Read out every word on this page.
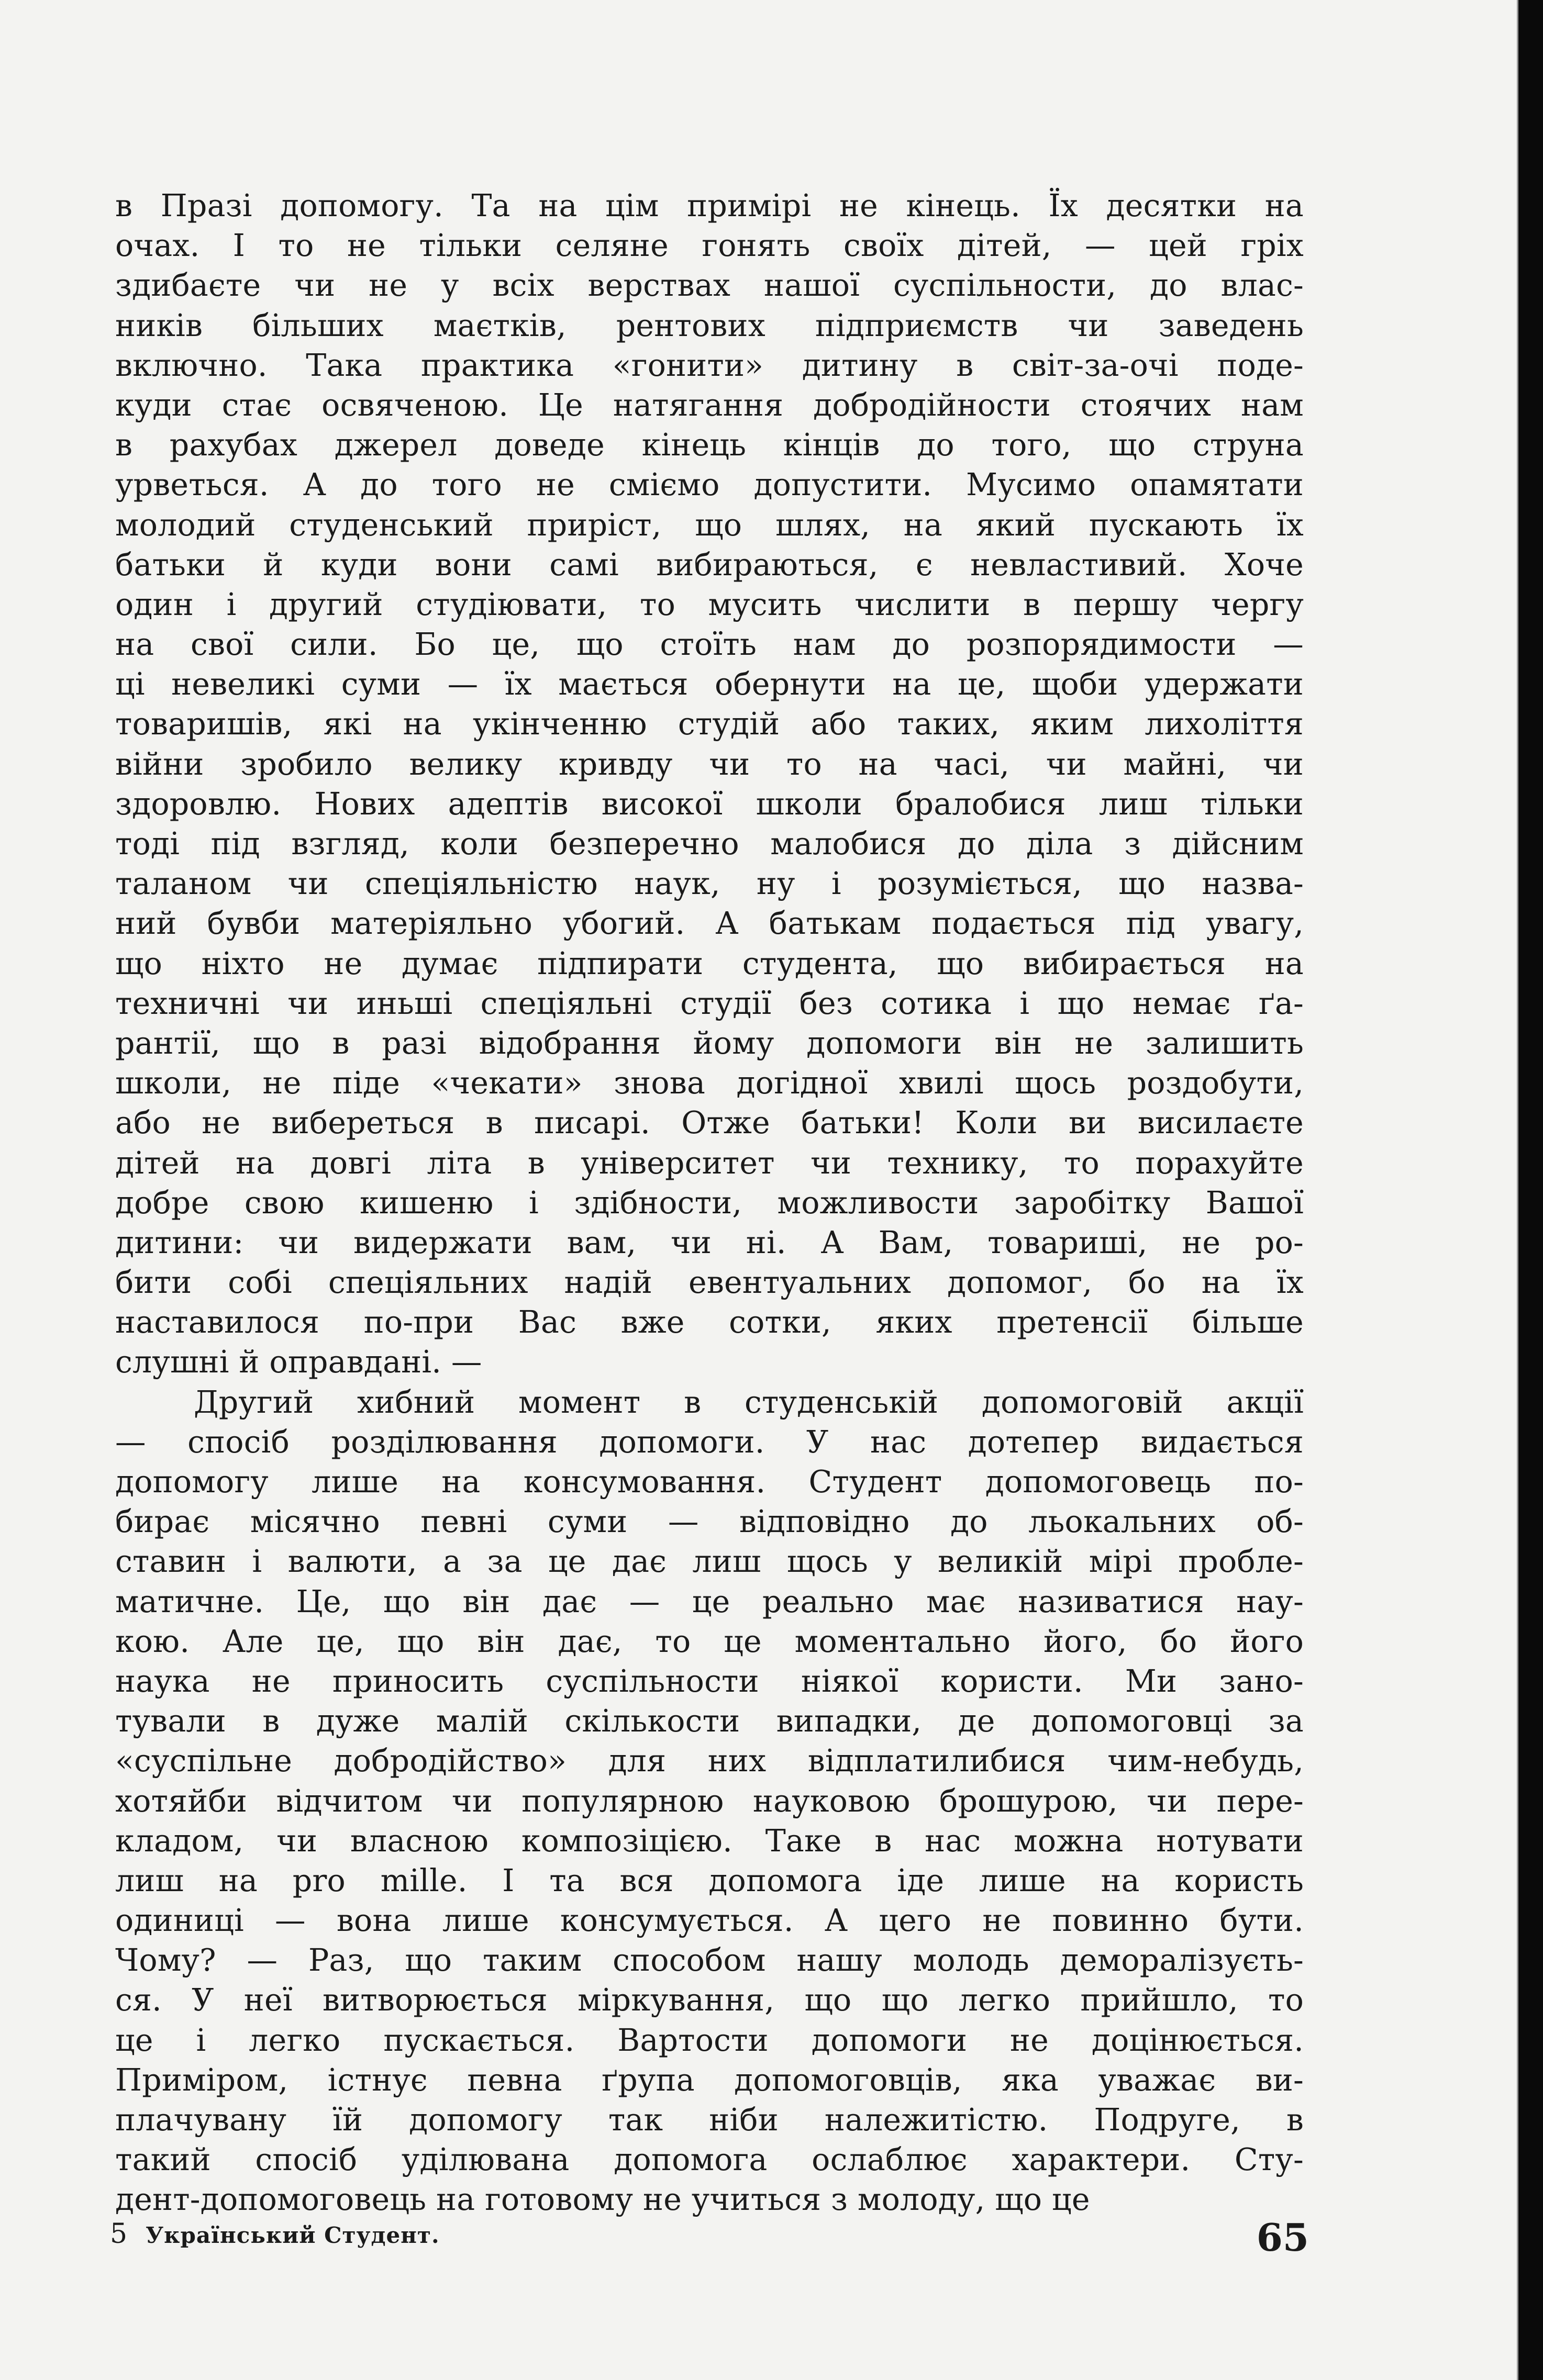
в Празі допомогу. Та на цім примірі не кінець. Їх десятки на
очах. І то не тільки селяне гонять своїх дітей, — цей гріх
здибаєте чи не у всіх верствах нашої суспільности, до влас-
ників більших маєтків, рентових підприємств чи заведень
включно. Така практика «гонити» дитину в світ-за-очі поде-
куди стає освяченою. Це натягання добродійности стоячих нам
в рахубах джерел доведе кінець кінців до того, що струна
урветься. А до того не сміємо допустити. Мусимо опамятати
молодий студенський приріст, що шлях, на який пускають їх
батьки й куди вони самі вибираються, є невластивий. Хоче
один і другий студіювати, то мусить числити в першу чергу
на свої сили. Бо це, що стоїть нам до розпорядимости —
ці невеликі суми — їх мається обернути на це, щоби удержати
товаришів, які на укінченню студій або таких, яким лихоліття
війни зробило велику кривду чи то на часі, чи майні, чи
здоровлю. Нових адептів високої школи бралобися лиш тільки
тоді під взгляд, коли безперечно малобися до діла з дійсним
таланом чи спеціяльністю наук, ну і розуміється, що назва-
ний бувби матеріяльно убогий. А батькам подається під увагу,
що ніхто не думає підпирати студента, що вибирається на
техничні чи иньші спеціяльні студії без сотика і що немає ґа-
рантії, що в разі відобрання йому допомоги він не залишить
школи, не піде «чекати» знова догідної хвилі щось роздобути,
або не вибереться в писарі. Отже батьки! Коли ви висилаєте
дітей на довгі літа в університет чи технику, то порахуйте
добре свою кишеню і здібности, можливости заробітку Вашої
дитини: чи видержати вам, чи ні. А Вам, товариші, не ро-
бити собі спеціяльних надій евентуальних допомог, бо на їх
наставилося по-при Вас вже сотки, яких претенсії більше
слушні й оправдані. —
Другий хибний момент в студенській допомоговій акції
— спосіб розділювання допомоги. У нас дотепер видається
допомогу лише на консумовання. Студент допомоговець по-
бирає місячно певні суми — відповідно до льокальних об-
ставин і валюти, а за це дає лиш щось у великій мірі пробле-
матичне. Це, що він дає — це реально має називатися нау-
кою. Але це, що він дає, то це моментально його, бо його
наука не приносить суспільности ніякої користи. Ми зано-
тували в дуже малій скількости випадки, де допомоговці за
«суспільне добродійство» для них відплатилибися чим-небудь,
хотяйби відчитом чи популярною науковою брошурою, чи пере-
кладом, чи власною композіцією. Таке в нас можна нотувати
лиш на pro mille. І та вся допомога іде лише на користь
одиниці — вона лише консумується. А цего не повинно бути.
Чому? — Раз, що таким способом нашу молодь деморалізуєть-
ся. У неї витворюється міркування, що що легко прийшло, то
це і легко пускається. Вартости допомоги не доцінюється.
Приміром, істнує певна ґрупа допомоговців, яка уважає ви-
плачувану їй допомогу так ніби належитістю. Подруге, в
такий спосіб уділювана допомога ослаблює характери. Сту-
дент-допомоговець на готовому не учиться з молоду, що це
5 Український Студент.	65
